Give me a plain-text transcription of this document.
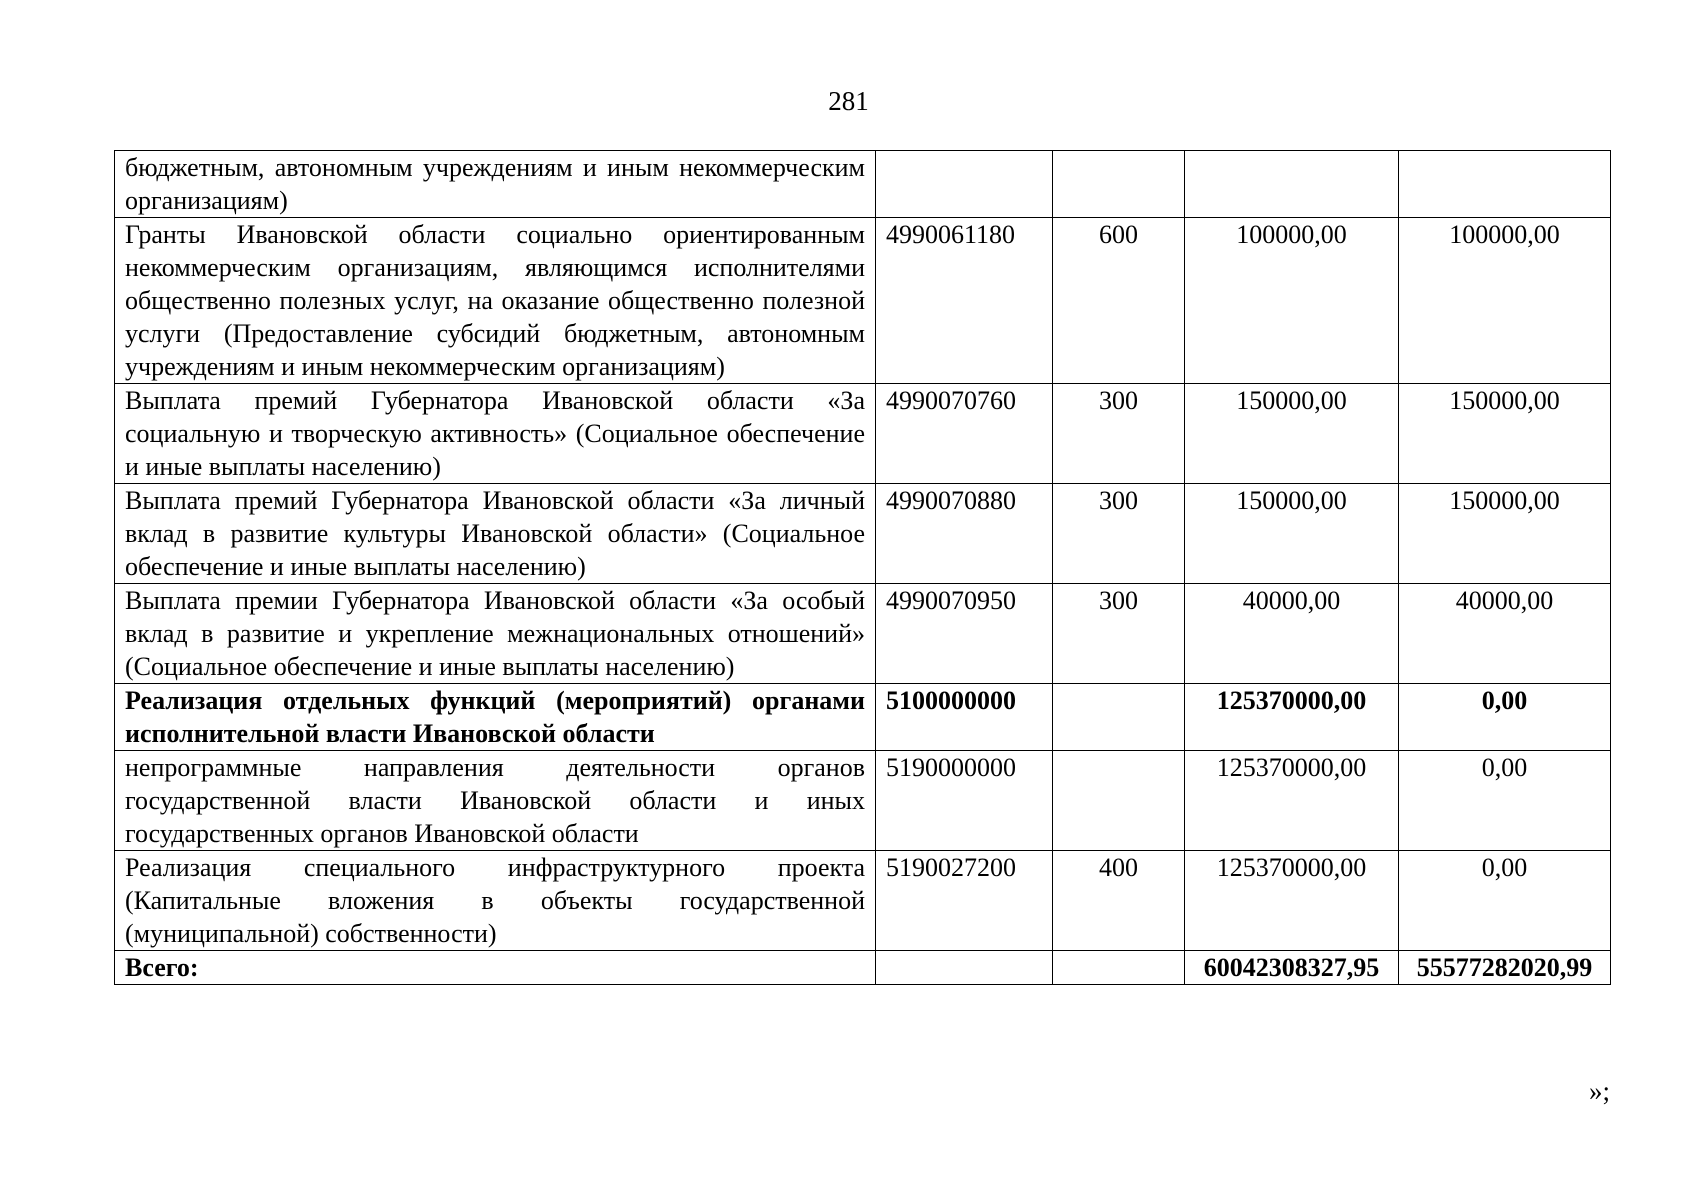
281
бюджетным, автономным учреждениям и иным некоммерческим организациям)				
Гранты Ивановской области социально ориентированным некоммерческим организациям, являющимся исполнителями общественно полезных услуг, на оказание общественно полезной услуги (Предоставление субсидий бюджетным, автономным учреждениям и иным некоммерческим организациям)	4990061180	600	100000,00	100000,00
Выплата премий Губернатора Ивановской области «За социальную и творческую активность» (Социальное обеспечение и иные выплаты населению)	4990070760	300	150000,00	150000,00
Выплата премий Губернатора Ивановской области «За личный вклад в развитие культуры Ивановской области» (Социальное обеспечение и иные выплаты населению)	4990070880	300	150000,00	150000,00
Выплата премии Губернатора Ивановской области «За особый вклад в развитие и укрепление межнациональных отношений» (Социальное обеспечение и иные выплаты населению)	4990070950	300	40000,00	40000,00
Реализация отдельных функций (мероприятий) органами исполнительной власти Ивановской области	5100000000		125370000,00	0,00
непрограммные направления деятельности органов государственной власти Ивановской области и иных государственных органов Ивановской области	5190000000		125370000,00	0,00
Реализация специального инфраструктурного проекта (Капитальные вложения в объекты государственной (муниципальной) собственности)	5190027200	400	125370000,00	0,00
Всего:			60042308327,95	55577282020,99
»;
